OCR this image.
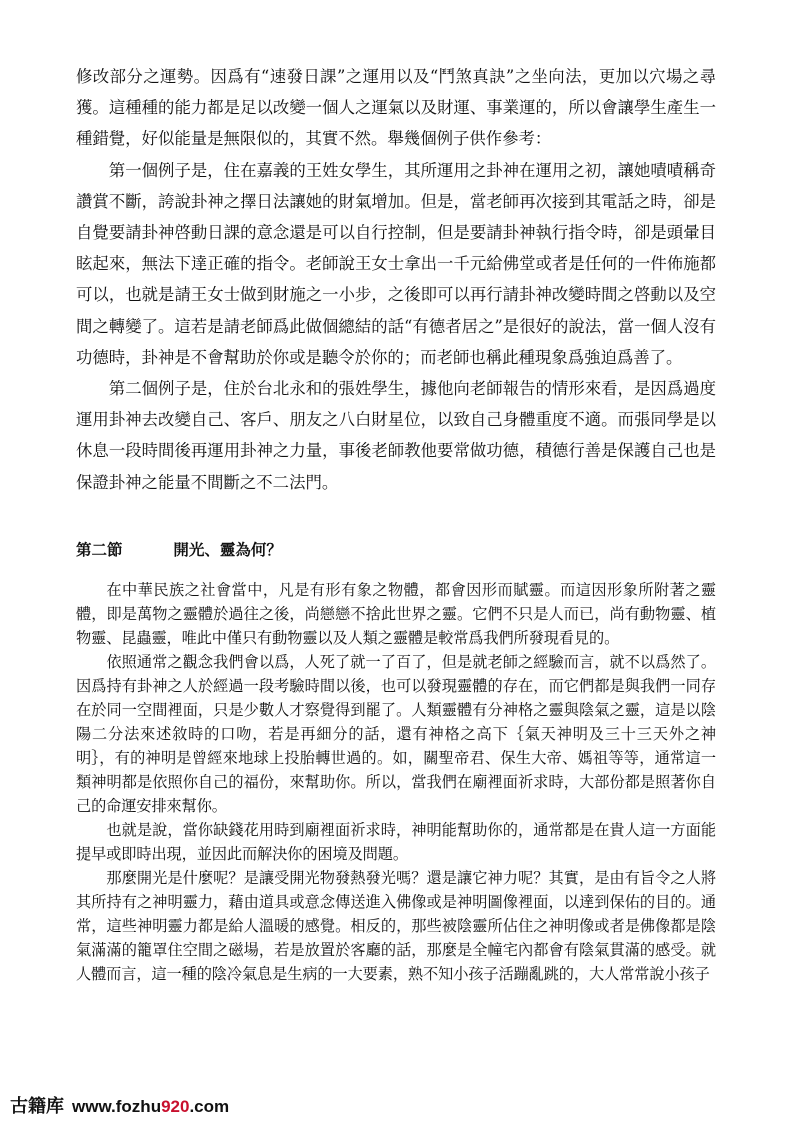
修改部分之運勢。因爲有“速發日課”之運用以及“鬥煞真訣”之坐向法，更加以穴場之尋獲。這種種的能力都是足以改變一個人之運氣以及財運、事業運的，所以會讓學生產生一種錯覺，好似能量是無限似的，其實不然。舉幾個例子供作參考：

第一個例子是，住在嘉義的王姓女學生，其所運用之卦神在運用之初，讓她嘖嘖稱奇讚賞不斷，誇說卦神之擇日法讓她的財氣增加。但是，當老師再次接到其電話之時，卻是自覺要請卦神啓動日課的意念還是可以自行控制，但是要請卦神執行指令時，卻是頭暈目眩起來，無法下達正確的指令。老師說王女士拿出一千元給佛堂或者是任何的一件佈施都可以，也就是請王女士做到財施之一小步，之後即可以再行請卦神改變時間之啓動以及空間之轉變了。這若是請老師爲此做個總結的話“有德者居之”是很好的說法，當一個人沒有功德時，卦神是不會幫助於你或是聽令於你的；而老師也稱此種現象爲強迫爲善了。

第二個例子是，住於台北永和的張姓學生，據他向老師報告的情形來看，是因爲過度運用卦神去改變自己、客戶、朋友之八白財星位，以致自己身體重度不適。而張同學是以休息一段時間後再運用卦神之力量，事後老師教他要常做功德，積德行善是保護自己也是保證卦神之能量不間斷之不二法門。

第二節	開光、靈為何？

在中華民族之社會當中，凡是有形有象之物體，都會因形而賦靈。而這因形象所附著之靈體，即是萬物之靈體於過往之後，尚戀戀不捨此世界之靈。它們不只是人而已，尚有動物靈、植物靈、昆蟲靈，唯此中僅只有動物靈以及人類之靈體是較常爲我們所發現看見的。

依照通常之觀念我們會以爲，人死了就一了百了，但是就老師之經驗而言，就不以爲然了。因爲持有卦神之人於經過一段考驗時間以後，也可以發現靈體的存在，而它們都是與我們一同存在於同一空間裡面，只是少數人才察覺得到罷了。人類靈體有分神格之靈與陰氣之靈，這是以陰陽二分法來述敘時的口吻，若是再細分的話，還有神格之高下｛氣天神明及三十三天外之神明｝，有的神明是曾經來地球上投胎轉世過的。如，關聖帝君、保生大帝、媽祖等等，通常這一類神明都是依照你自己的福份，來幫助你。所以，當我們在廟裡面祈求時，大部份都是照著你自己的命運安排來幫你。

也就是說，當你缺錢花用時到廟裡面祈求時，神明能幫助你的，通常都是在貴人這一方面能提早或即時出現，並因此而解決你的困境及問題。

那麼開光是什麼呢？是讓受開光物發熱發光嗎？還是讓它神力呢？其實，是由有旨令之人將其所持有之神明靈力，藉由道具或意念傳送進入佛像或是神明圖像裡面，以達到保佑的目的。通常，這些神明靈力都是給人溫暖的感覺。相反的，那些被陰靈所佔住之神明像或者是佛像都是陰氣滿滿的籠罩住空間之磁場，若是放置於客廳的話，那麼是全幢宅內都會有陰氣貫滿的感受。就人體而言，這一種的陰冷氣息是生病的一大要素，熟不知小孩子活蹦亂跳的，大人常常說小孩子

古籍库 www.fozhu920.com
